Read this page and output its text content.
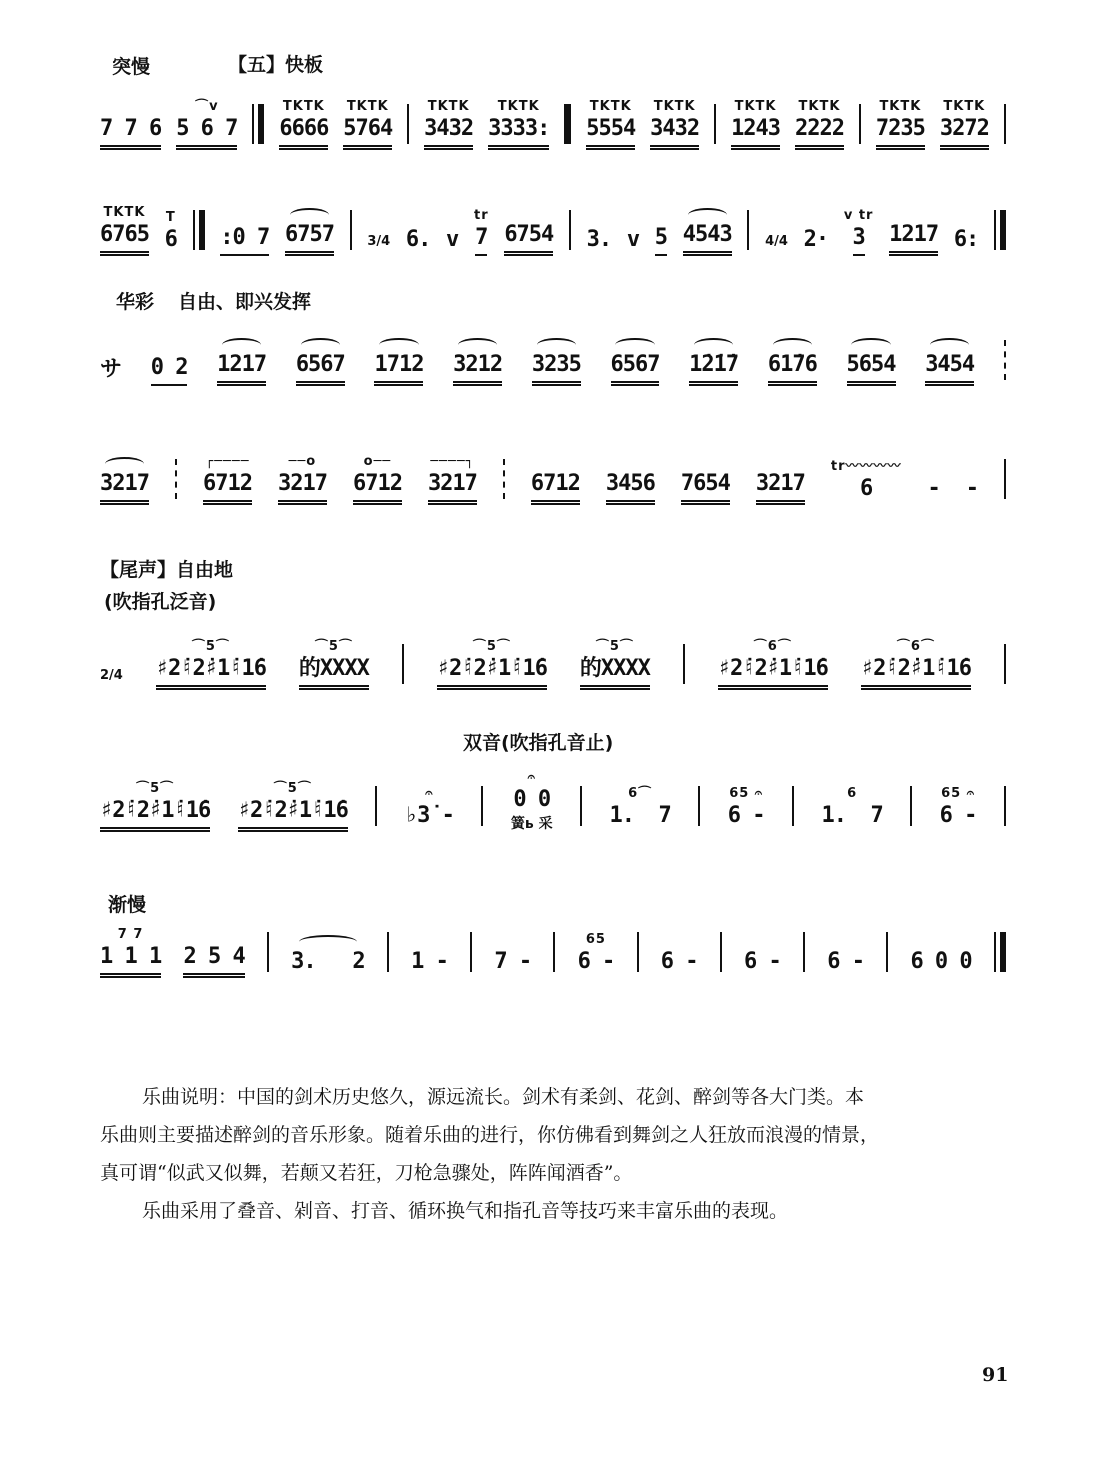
突慢	【五】快板
7 7 6
⌒v
5 6 7
TKTK
6666
TKTK
5764
TKTK
3432
TKTK
3333:
TKTK
5554
TKTK
3432
TKTK
1243
TKTK
2222
TKTK
7235
TKTK
3272
TKTK
6765
T
6 :0 7 6757	3/4 6. v
tr
7 6754 3. v 5 4543	4/4 2·
v tr
3 1217 6:
华彩 自由、即兴发挥
サ 0 2 1217 6567 1712 3212 3235 6567 1̇2̇1̇7 61̇76 5654 3454
3217
┌────
6712
──o
3217
o──
6712
────┐
3217 6712 3456 7654 3217
tr〰〰〰〰
6	- -
【尾声】自由地
(吹指孔泛音)
2/4
⌒5⌒
♯2̇♮2̇♯1̇♮1̇6
⌒5⌒
的XXXX
⌒5⌒
♯2̇♮2̇♯1̇♮1̇6
⌒5⌒
的XXXX
⌒6⌒
♯2̇♮2̇♯1̇♮1̇6
⌒6⌒
♯2̇♮2̇♯1̇♮1̇6
双音(吹指孔音止)
⌒5⌒
♯2̇♮2̇♯1̇♮1̇6
⌒5⌒
♯2̇♮2̇♯1̇♮1̇6
𝄐
♭3̇ -
𝄐
0 0
簧ь 采
6⌒
1.  7
65 𝄐
6 -
6
1.  7
65 𝄐
6 -
渐慢
7 7
1 1 1 2 5 4 3.   2 1 - 7 -
65
6 - 6 - 6 - 6 - 6 0 0
乐曲说明：中国的剑术历史悠久，源远流长。剑术有柔剑、花剑、醉剑等各大门类。本
乐曲则主要描述醉剑的音乐形象。随着乐曲的进行，你仿佛看到舞剑之人狂放而浪漫的情景，
真可谓“似武又似舞，若颠又若狂，刀枪急骤处，阵阵闻酒香”。
乐曲采用了叠音、剁音、打音、循环换气和指孔音等技巧来丰富乐曲的表现。
91
